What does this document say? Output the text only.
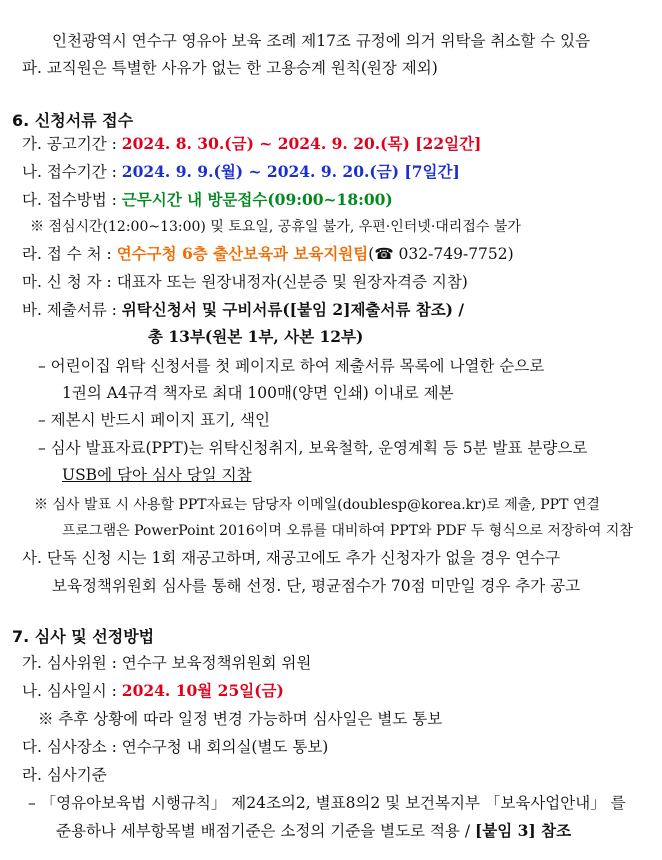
인천광역시 연수구 영유아 보육 조례 제17조 규정에 의거 위탁을 취소할 수 있음
파. 교직원은 특별한 사유가 없는 한 고용승계 원칙(원장 제외)
6. 신청서류 접수
가. 공고기간 : 2024. 8. 30.(금) ~ 2024. 9. 20.(목) [22일간]
나. 접수기간 : 2024. 9. 9.(월) ~ 2024. 9. 20.(금) [7일간]
다. 접수방법 : 근무시간 내 방문접수(09:00~18:00)
※ 점심시간(12:00~13:00) 및 토요일, 공휴일 불가, 우편·인터넷·대리접수 불가
라. 접 수 처 : 연수구청 6층 출산보육과 보육지원팀(☎ 032-749-7752)
마. 신 청 자 : 대표자 또는 원장내정자(신분증 및 원장자격증 지참)
바. 제출서류 : 위탁신청서 및 구비서류([붙임 2]제출서류 참조) /
총 13부(원본 1부, 사본 12부)
– 어린이집 위탁 신청서를 첫 페이지로 하여 제출서류 목록에 나열한 순으로
1권의 A4규격 책자로 최대 100매(양면 인쇄) 이내로 제본
– 제본시 반드시 페이지 표기, 색인
– 심사 발표자료(PPT)는 위탁신청취지, 보육철학, 운영계획 등 5분 발표 분량으로
USB에 담아 심사 당일 지참
※ 심사 발표 시 사용할 PPT자료는 담당자 이메일(doublesp@korea.kr)로 제출, PPT 연결
프로그램은 PowerPoint 2016이며 오류를 대비하여 PPT와 PDF 두 형식으로 저장하여 지참
사. 단독 신청 시는 1회 재공고하며, 재공고에도 추가 신청자가 없을 경우 연수구
보육정책위원회 심사를 통해 선정. 단, 평균점수가 70점 미만일 경우 추가 공고
7. 심사 및 선정방법
가. 심사위원 : 연수구 보육정책위원회 위원
나. 심사일시 : 2024. 10월 25일(금)
※ 추후 상황에 따라 일정 변경 가능하며 심사일은 별도 통보
다. 심사장소 : 연수구청 내 회의실(별도 통보)
라. 심사기준
– 「영유아보육법 시행규칙」 제24조의2, 별표8의2 및 보건복지부 「보육사업안내」 를
준용하나 세부항목별 배점기준은 소정의 기준을 별도로 적용 / [붙임 3] 참조
